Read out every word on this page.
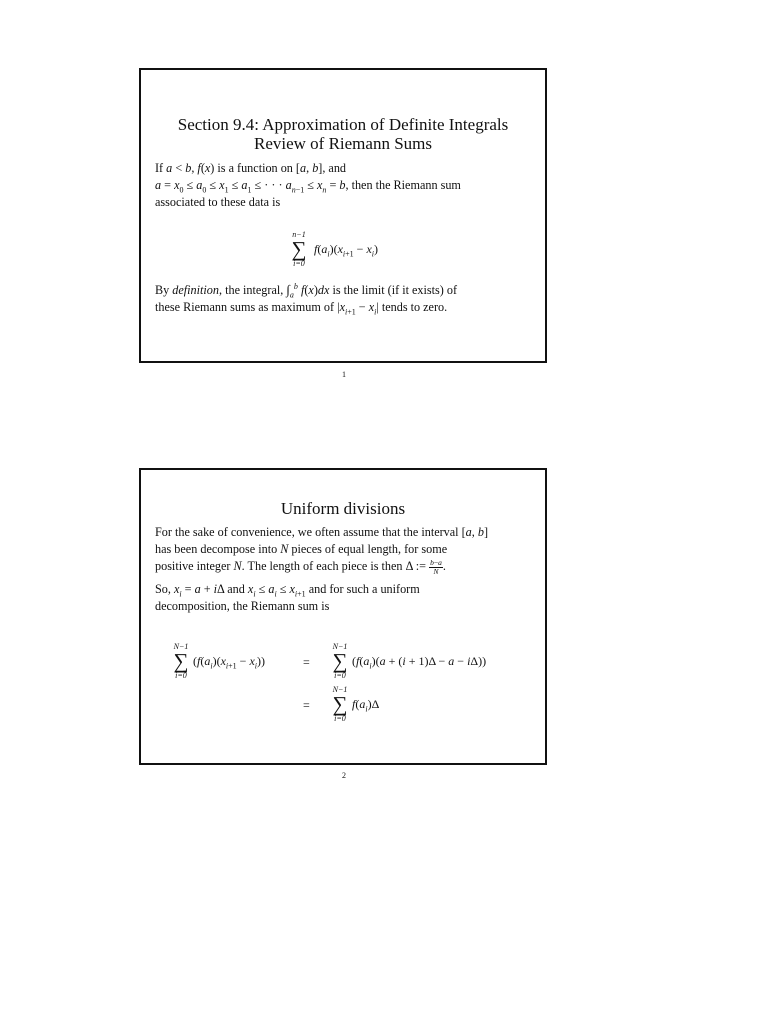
Section 9.4: Approximation of Definite Integrals
Review of Riemann Sums
If a < b, f(x) is a function on [a, b], and
$a = x_0 \le a_0 \le x_1 \le a_1$ ≤ · · · $a_{n-1} \le x_n = b$, then the Riemann sum
associated to these data is
n−1
∑
i=0
$f(a_i)(x_{i+1} - x_i)$
By definition, the integral, $\int_a^b$ f(x)dx is the limit (if it exists) of
these Riemann sums as maximum of $|x_{i+1} - x_i|$ tends to zero.
1
Uniform divisions
For the sake of convenience, we often assume that the interval [a, b]
has been decompose into N pieces of equal length, for some
positive integer N. The length of each piece is then Δ := $\frac{b-a}{N}$ .
So, $x_i = a + i\Delta$ and $x_i \le a_i \le x_{i+1}$ and for such a uniform
decomposition, the Riemann sum is
N−1
∑
i=0
$(f(a_i)(x_{i+1} - x_i))$	=
N−1
∑
i=0
$(f(a_i)(a + (i + 1)\Delta - a - i\Delta))$
=
N−1
∑
i=0
$f(a_i)\Delta$
2
